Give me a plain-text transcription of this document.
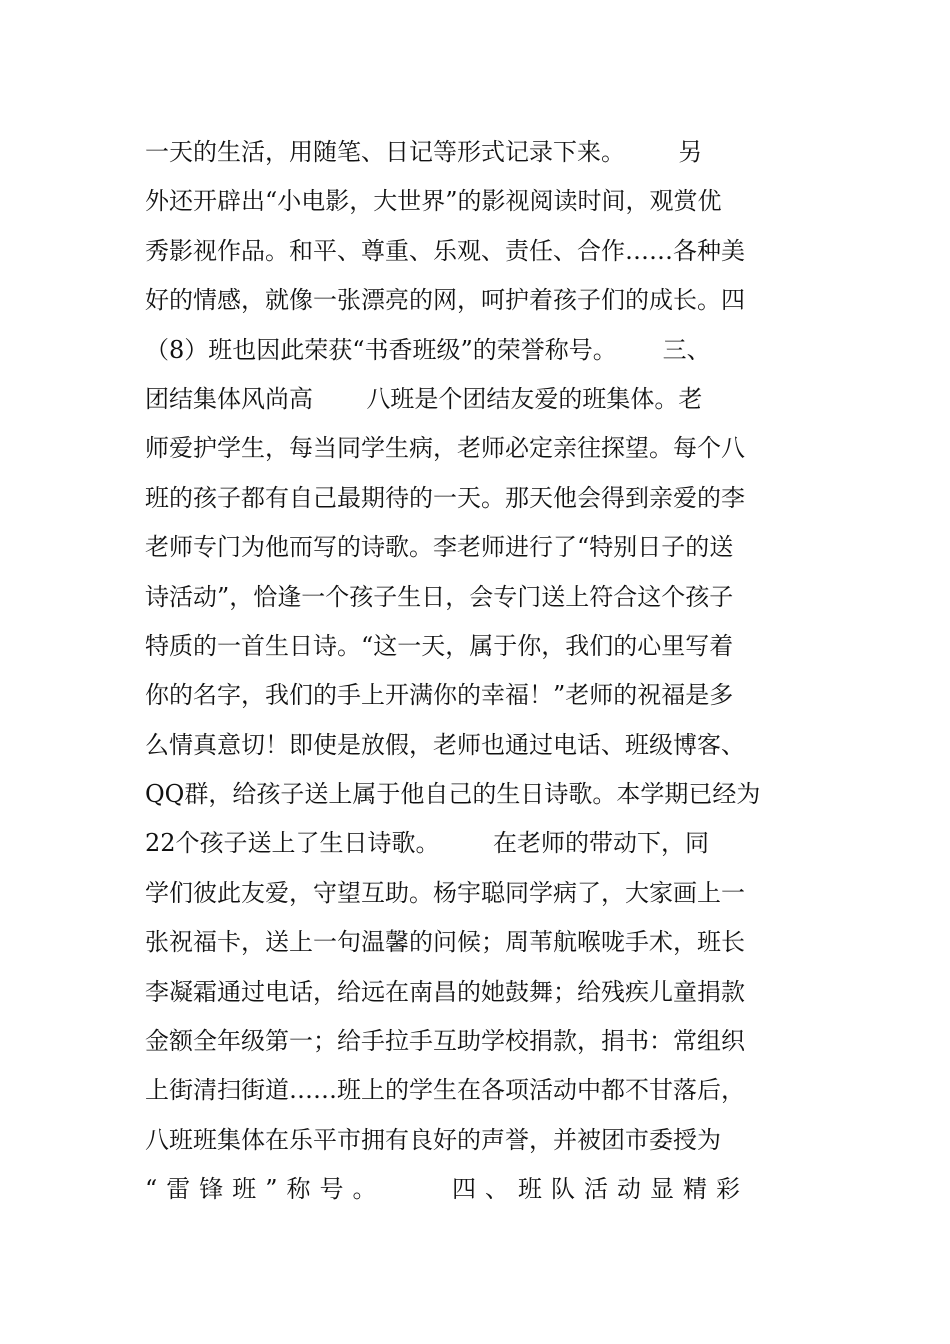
一天的生活，用随笔、日记等形式记录下来。       另
外还开辟出“小电影，大世界”的影视阅读时间，观赏优
秀影视作品。和平、尊重、乐观、责任、合作……各种美
好的情感，就像一张漂亮的网，呵护着孩子们的成长。四
（8）班也因此荣获“书香班级”的荣誉称号。      三、
团结集体风尚高       八班是个团结友爱的班集体。老
师爱护学生，每当同学生病，老师必定亲往探望。每个八
班的孩子都有自己最期待的一天。那天他会得到亲爱的李
老师专门为他而写的诗歌。李老师进行了“特别日子的送
诗活动”，恰逢一个孩子生日，会专门送上符合这个孩子
特质的一首生日诗。“这一天，属于你，我们的心里写着
你的名字，我们的手上开满你的幸福！”老师的祝福是多
么情真意切！即使是放假，老师也通过电话、班级博客、
QQ群，给孩子送上属于他自己的生日诗歌。本学期已经为
22个孩子送上了生日诗歌。       在老师的带动下，同
学们彼此友爱，守望互助。杨宇聪同学病了，大家画上一
张祝福卡，送上一句温馨的问候；周苇航喉咙手术，班长
李凝霜通过电话，给远在南昌的她鼓舞；给残疾儿童捐款
金额全年级第一；给手拉手互助学校捐款，捐书：常组织
上街清扫街道……班上的学生在各项活动中都不甘落后，
八班班集体在乐平市拥有良好的声誉，并被团市委授为
“雷锋班”称号。    四、班队活动显精彩
